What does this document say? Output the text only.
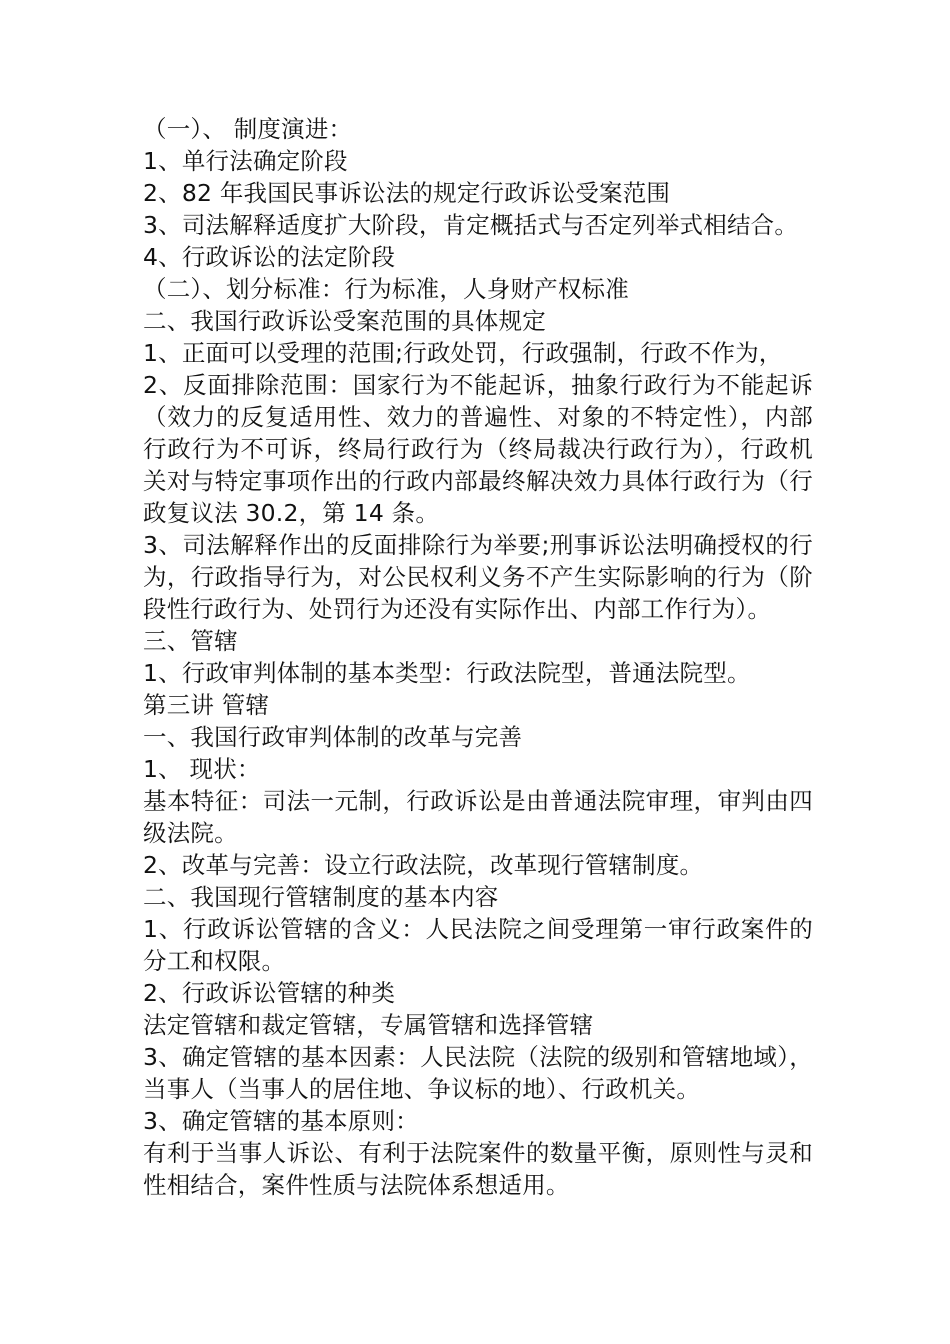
（一）、 制度演进：
1、单行法确定阶段
2、82 年我国民事诉讼法的规定行政诉讼受案范围
3、司法解释适度扩大阶段，肯定概括式与否定列举式相结合。
4、行政诉讼的法定阶段
（二）、划分标准：行为标准，人身财产权标准
二、我国行政诉讼受案范围的具体规定
1、正面可以受理的范围;行政处罚，行政强制，行政不作为，
2、反面排除范围：国家行为不能起诉，抽象行政行为不能起诉（效力的反复适用性、效力的普遍性、对象的不特定性），内部行政行为不可诉，终局行政行为（终局裁决行政行为），行政机关对与特定事项作出的行政内部最终解决效力具体行政行为（行政复议法 30.2，第 14 条。
3、司法解释作出的反面排除行为举要;刑事诉讼法明确授权的行为，行政指导行为，对公民权利义务不产生实际影响的行为（阶段性行政行为、处罚行为还没有实际作出、内部工作行为）。
三、管辖
1、行政审判体制的基本类型：行政法院型，普通法院型。
第三讲 管辖
一、我国行政审判体制的改革与完善
1、 现状：
基本特征：司法一元制，行政诉讼是由普通法院审理，审判由四级法院。
2、改革与完善：设立行政法院，改革现行管辖制度。
二、我国现行管辖制度的基本内容
1、行政诉讼管辖的含义：人民法院之间受理第一审行政案件的分工和权限。
2、行政诉讼管辖的种类
法定管辖和裁定管辖，专属管辖和选择管辖
3、确定管辖的基本因素：人民法院（法院的级别和管辖地域），当事人（当事人的居住地、争议标的地）、行政机关。
3、确定管辖的基本原则：
有利于当事人诉讼、有利于法院案件的数量平衡，原则性与灵和性相结合，案件性质与法院体系想适用。
